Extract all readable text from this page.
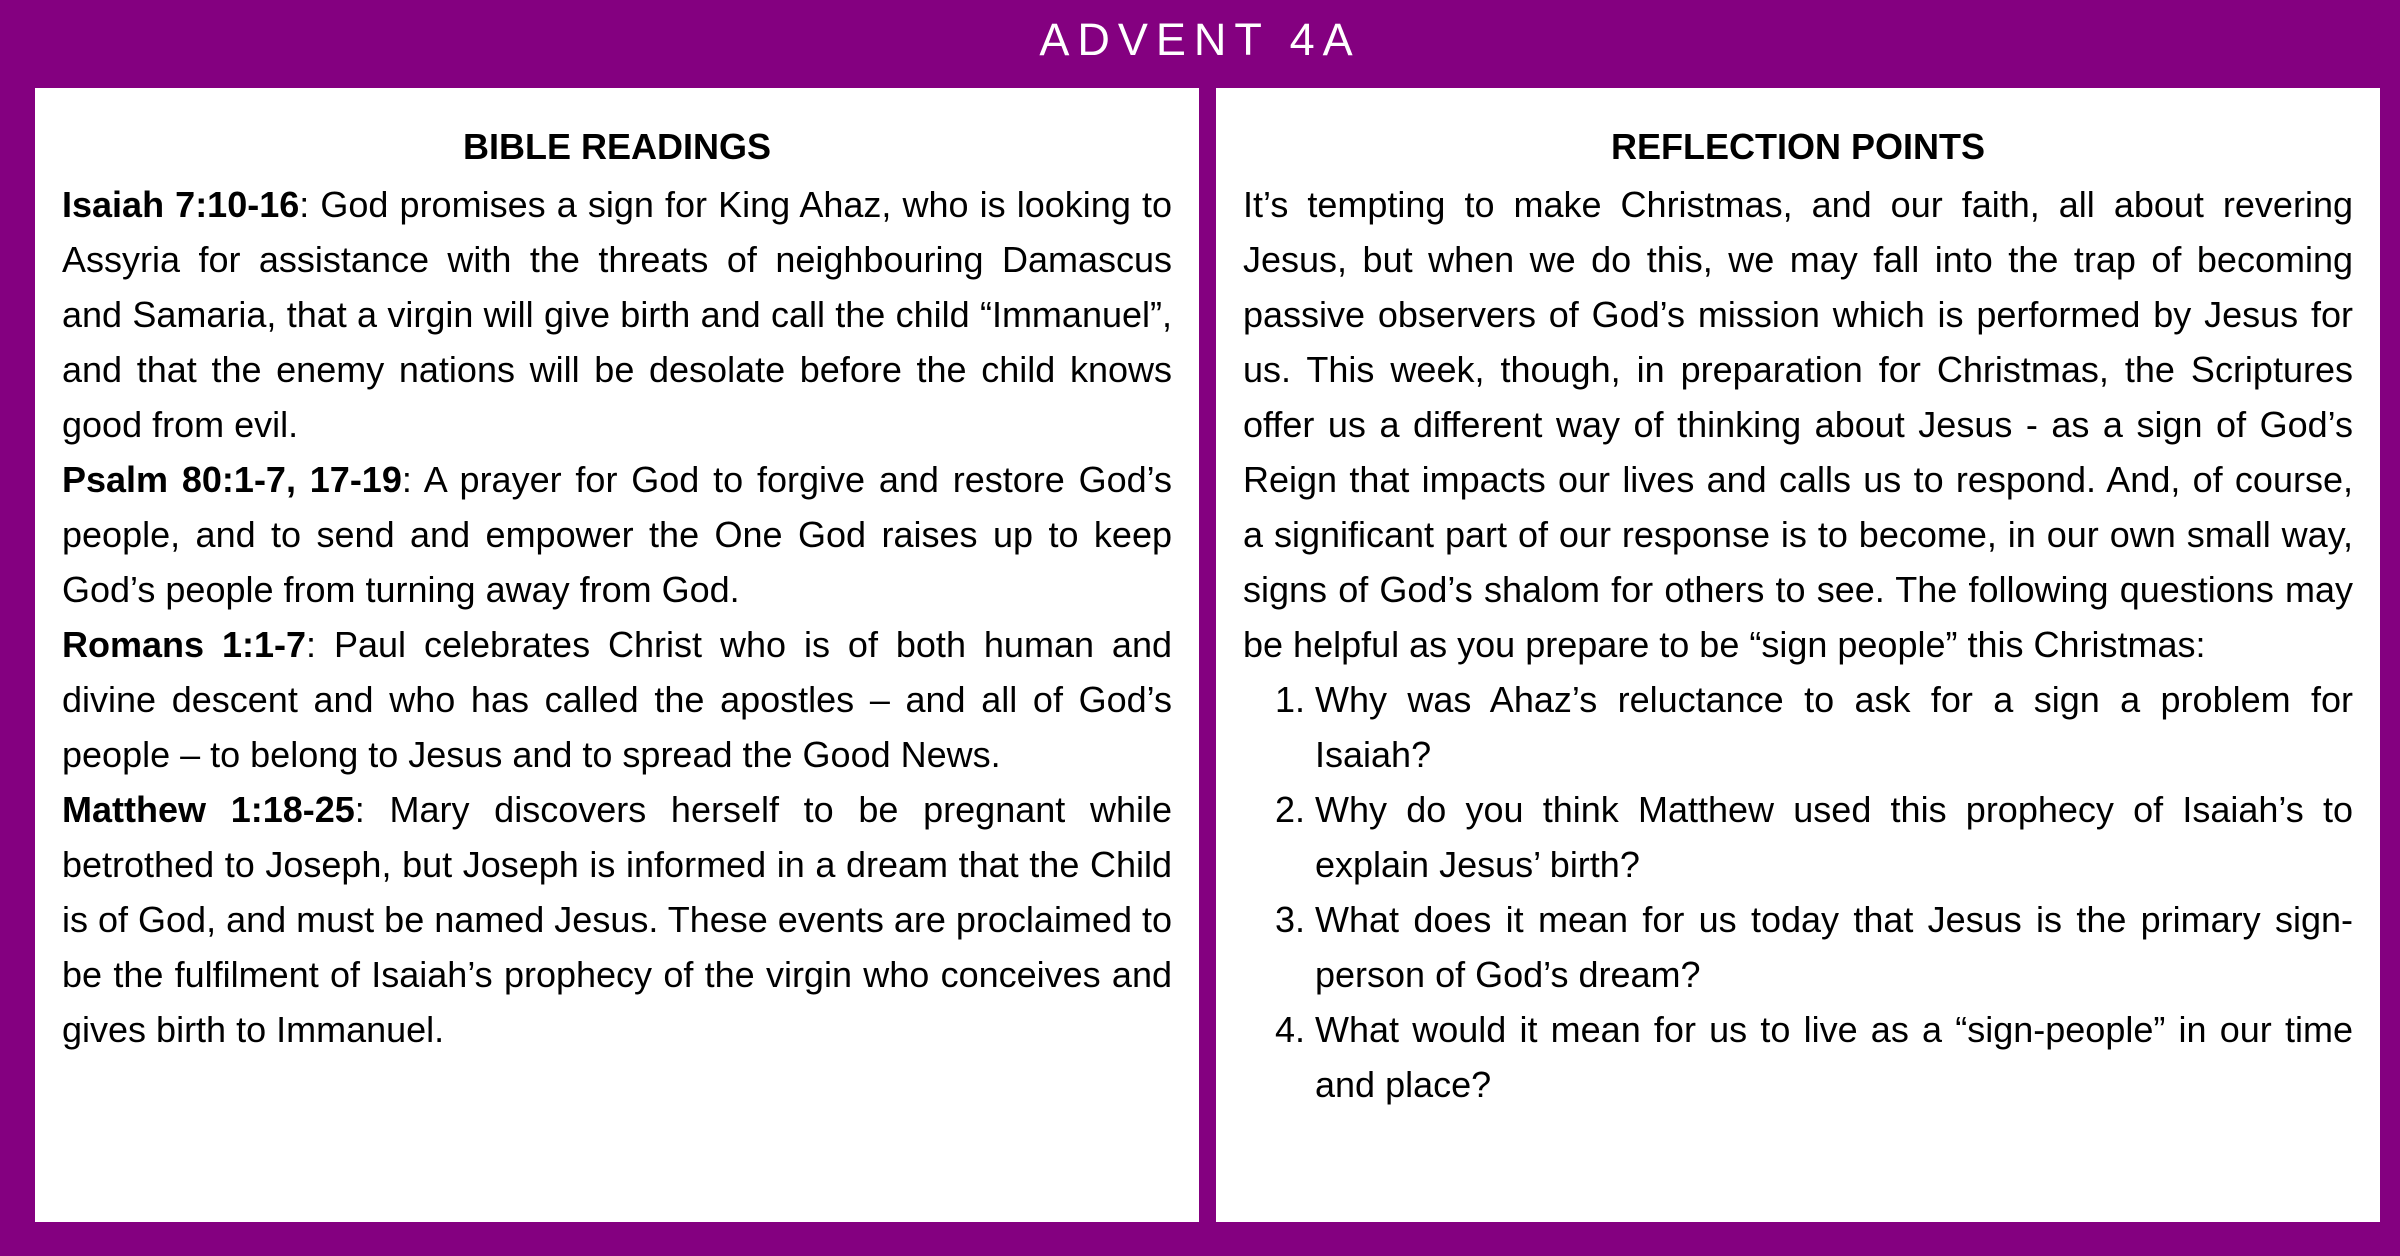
ADVENT 4A
BIBLE READINGS

Isaiah 7:10-16: God promises a sign for King Ahaz, who is looking to Assyria for assistance with the threats of neighbouring Damascus and Samaria, that a virgin will give birth and call the child “Immanuel”, and that the enemy nations will be desolate before the child knows good from evil.

Psalm 80:1-7, 17-19: A prayer for God to forgive and restore God’s people, and to send and empower the One God raises up to keep God’s people from turning away from God.

Romans 1:1-7: Paul celebrates Christ who is of both human and divine descent and who has called the apostles – and all of God’s people – to belong to Jesus and to spread the Good News.

Matthew 1:18-25: Mary discovers herself to be pregnant while betrothed to Joseph, but Joseph is informed in a dream that the Child is of God, and must be named Jesus. These events are proclaimed to be the fulfilment of Isaiah’s prophecy of the virgin who conceives and gives birth to Immanuel.

REFLECTION POINTS

It’s tempting to make Christmas, and our faith, all about revering Jesus, but when we do this, we may fall into the trap of becoming passive observers of God’s mission which is performed by Jesus for us. This week, though, in preparation for Christmas, the Scriptures offer us a different way of thinking about Jesus - as a sign of God’s Reign that impacts our lives and calls us to respond. And, of course, a significant part of our response is to become, in our own small way, signs of God’s shalom for others to see. The following questions may be helpful as you prepare to be “sign people” this Christmas:

1. Why was Ahaz’s reluctance to ask for a sign a problem for Isaiah?
2. Why do you think Matthew used this prophecy of Isaiah’s to explain Jesus’ birth?
3. What does it mean for us today that Jesus is the primary sign-person of God’s dream?
4. What would it mean for us to live as a “sign-people” in our time and place?
